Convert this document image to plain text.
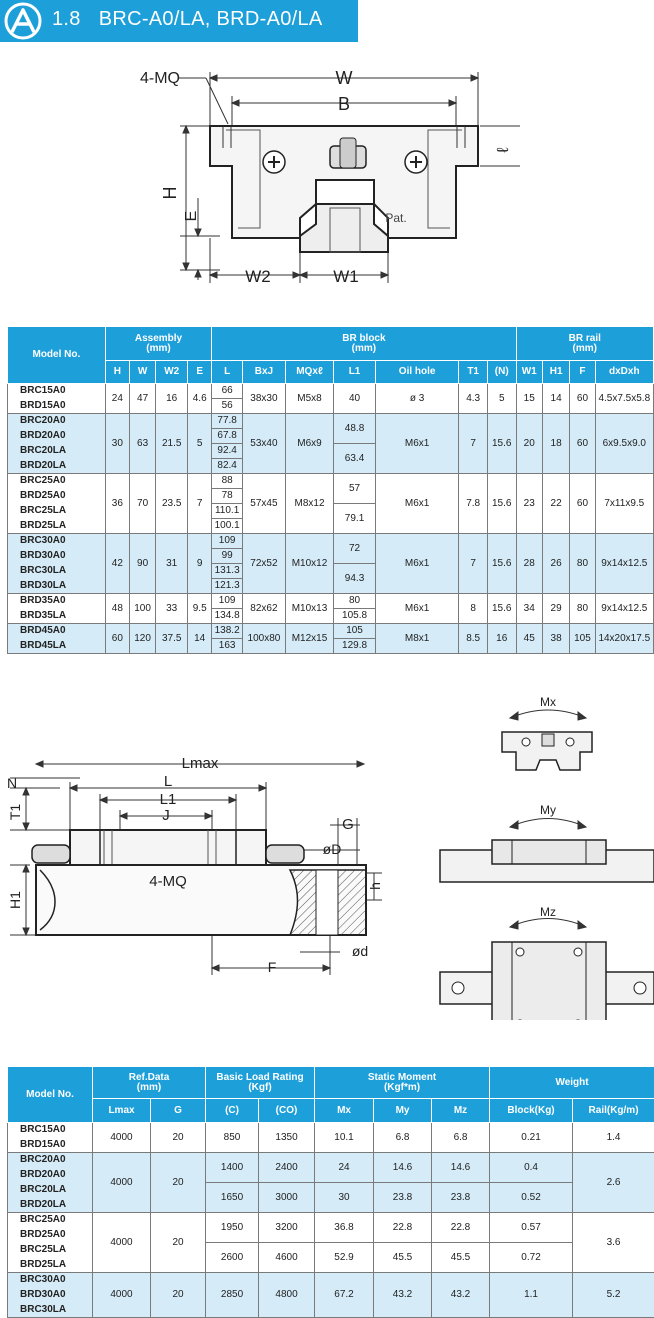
1.8 BRC-A0/LA, BRD-A0/LA
4-MQ	W
B
H
E
ℓ
W2	W1
Pat.
Model No.	Assembly
(mm)				BR block
(mm)							BR rail
(mm)			
	H	W	W2	E	L	BxJ	MQxℓ	L1	Oil hole	T1	(N)	W1	H1	F	dxDxh
BRC15A0	24	47	16	4.6	66	38x30	M5x8	40	ø 3	4.3	5	15	14	60	4.5x7.5x5.8
BRD15A0					56										
BRC20A0	30	63	21.5	5	77.8	53x40	M6x9	48.8	M6x1	7	15.6	20	18	60	6x9.5x9.0
BRD20A0					67.8										
BRC20LA					92.4			63.4							
BRD20LA					82.4										
BRC25A0	36	70	23.5	7	88	57x45	M8x12	57	M6x1	7.8	15.6	23	22	60	7x11x9.5
BRD25A0					78										
BRC25LA					110.1			79.1							
BRD25LA					100.1										
BRC30A0	42	90	31	9	109	72x52	M10x12	72	M6x1	7	15.6	28	26	80	9x14x12.5
BRD30A0					99										
BRC30LA					131.3			94.3							
BRD30LA					121.3										
BRD35A0	48	100	33	9.5	109	82x62	M10x13	80	M6x1	8	15.6	34	29	80	9x14x12.5
BRD35LA					134.8			105.8							
BRD45A0	60	120	37.5	14	138.2	100x80	M12x15	105	M8x1	8.5	16	45	38	105	14x20x17.5
BRD45LA					163			129.8							
Lmax
L
L1
J
N
T1
H1
4-MQ
G
øD
h
ød
F
Mx
My
Mz
Model No.	Ref.Data
(mm)		Basic Load Rating
(Kgf)		Static Moment
(Kgf*m)			Weight	
	Lmax	G	(C)	(CO)	Mx	My	Mz	Block(Kg)	Rail(Kg/m)
BRC15A0	4000	20	850	1350	10.1	6.8	6.8	0.21	1.4
BRD15A0									
BRC20A0	4000	20	1400	2400	24	14.6	14.6	0.4	2.6
BRD20A0									
BRC20LA			1650	3000	30	23.8	23.8	0.52	
BRD20LA									
BRC25A0	4000	20	1950	3200	36.8	22.8	22.8	0.57	3.6
BRD25A0									
BRC25LA			2600	4600	52.9	45.5	45.5	0.72	
BRD25LA									
BRC30A0	4000	20	2850	4800	67.2	43.2	43.2	1.1	5.2
BRD30A0									
BRC30LA									
